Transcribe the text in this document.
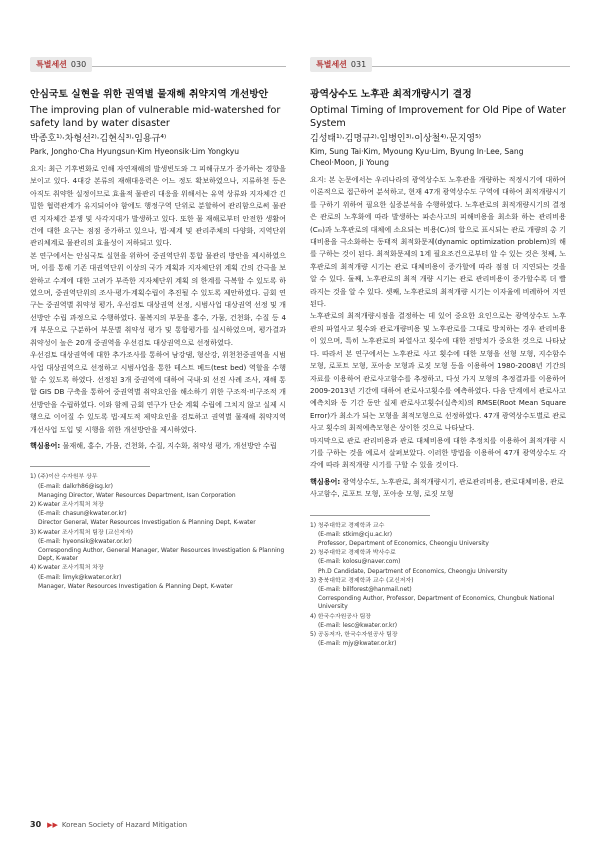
특별세션 030
안심국토 실현을 위한 권역별 물재해 취약지역 개선방안
The improving plan of vulnerable mid-watershed for safety land by water disaster
박종호¹⁾·차형선²⁾·김현식³⁾·임용규⁴⁾
Park, Jongho·Cha Hyungsun·Kim Hyeonsik·Lim Yongkyu

요지: 최근 기후변화로 인해 자연재해의 발생빈도와 그 피해규모가 증가하는 경향을 보이고 있다. 4대강 본류의 재해대응력은 어느 정도 확보하였으나, 지류하천 등은 아직도 취약한 실정이므로 효율적 물관리 대응을 위해서는 유역 상류와 지자체간 긴밀한 협력관계가 유지되어야 함에도 행정구역 단위로 분할하여 관리함으로써 물관련 지자체간 분쟁 및 사각지대가 발생하고 있다. 또한 물 재해로부터 안전한 생활여건에 대한 요구는 점점 증가하고 있으나, 법·제계 및 관리주체의 다양화, 지역단위 관리체계로 물관리의 효율성이 저하되고 있다.

본 연구에서는 안심국토 실현을 위하여 중권역단위 통합 물관리 방안을 제시하였으며, 이를 통해 기존 대권역단위 이상의 국가 계획과 지자체단위 계획 간의 간극을 보완하고 수계에 대한 고려가 부족한 지자체단위 계획 의 한계를 극복할 수 있도록 하였으며, 중권역단위의 조사·평가·계획수립이 추진될 수 있도록 제안하였다. 금회 연구는 중권역별 취약성 평가, 우선검토 대상권역 선정, 시범사업 대상권역 선정 및 개선방안 수립 과정으로 수행하였다. 물복지의 부문을 홍수, 가뭄, 건천화, 수질 등 4개 부문으로 구분하여 부문별 취약성 평가 및 통합평가를 실시하였으며, 평가결과 취약성이 높은 20개 중권역을 우선검토 대상권역으로 선정하였다.

우선검토 대상권역에 대한 추가조사를 통하여 남강댐, 형산강, 위천천중권역을 시범사업 대상권역으로 선정하고 시범사업을 통한 테스트 베드(test bed) 역할을 수행할 수 있도록 하였다. 선정된 3개 중권역에 대하여 국내·외 선진 사례 조사, 재해 통합 GIS DB 구축을 통하여 중권역별 취약요인을 해소하기 위한 구조적·비구조적 개선방안을 수립하였다. 이와 함께 금회 연구가 단순 계획 수립에 그치지 않고 실제 시행으로 이어질 수 있도록 법·제도적 제약요인을 검토하고 권역별 물재해 취약지역 개선사업 도입 및 시행을 위한 개선방안을 제시하였다.

핵심용어: 물재해, 홍수, 가뭄, 건천화, 수질, 지수화, 취약성 평가, 개선방안 수립
1) (주)이산 수자원부 상무
(E-mail: dalkrh86@isg.kr)
Managing Director, Water Resources Department, Isan Corporation
2) K-water 조사기획처 처장
(E-mail: chasun@kwater.or.kr)
Director General, Water Resources Investigation & Planning Dept, K-water
3) K-water 조사기획처 팀장 (교신저자)
(E-mail: hyeonsik@kwater.or.kr)
Corresponding Author, General Manager, Water Resources Investigation & Planning Dept, K-water
4) K-water 조사기획처 차장
(E-mail: limyk@kwater.or.kr)
Manager, Water Resources Investigation & Planning Dept, K-water
특별세션 031
광역상수도 노후관 최적개량시기 결정
Optimal Timing of Improvement for Old Pipe of Water System
김성태¹⁾·김명규²⁾·임병인³⁾·이상철⁴⁾·문지영⁵⁾
Kim, Sung Tai·Kim, Myoung Kyu·Lim, Byung In·Lee, Sang Cheol·Moon, Ji Young

요지: 본 논문에서는 우리나라의 광역상수도 노후관을 개량하는 적정시기에 대하여 이론적으로 접근하여 분석하고, 현재 47개 광역상수도 구역에 대하여 최적개량시기를 구하기 위하여 필요한 실증분석을 수행하였다. 노후관로의 최적개량시기의 결정은 관로의 노후화에 따라 발생하는 파손사고의 피해비용을 최소화 하는 관리비용(Cₘ)과 노후관로의 대체에 소요되는 비용(Cᵣ)의 합으로 표시되는 관로 개량의 총 기대비용을 극소화하는 동태적 최적화문제(dynamic optimization problem)의 해를 구하는 것이 된다. 최적화문제의 1계 필요조건으로부터 알 수 있는 것은 첫째, 노후관로의 최적개량 시기는 관로 대체비용이 증가할에 따라 점점 더 지연되는 것을 알 수 있다. 둘째, 노후관로의 최적 개량 시기는 관로 관리비용이 증가할수록 더 빨라지는 것을 알 수 있다. 셋째, 노후관로의 최적개량 시기는 이자율에 비례하여 지연된다.

노후관로의 최적개량시점을 결정하는 데 있어 중요한 요인으로는 광역상수도 노후관의 파열사고 횟수와 관로개량비용 및 노후관로를 그대로 방치하는 경우 관리비용이 있으며, 특히 노후관로의 파열사고 횟수에 대한 전망치가 중요한 것으로 나타났다. 따라서 본 연구에서는 노후관로 사고 횟수에 대한 모형을 선형 모형, 지수함수 모형, 로포트 모형, 포아송 모형과 로짓 모형 등을 이용하여 1980-2008년 기간의 자료를 이용하여 관로사고함수를 추정하고, 다섯 가지 모형의 추정결과를 이용하여 2009-2013년 기간에 대하여 관로사고횟수를 예측하였다. 다음 단계에서 관로사고 예측치와 동 기간 동안 실제 관로사고횟수(실측치)의 RMSE(Root Mean Square Error)가 최소가 되는 모형을 최적모형으로 선정하였다. 47개 광역상수도별로 관로사고 횟수의 최적예측모형은 상이한 것으로 나타났다.

마지막으로 관로 관리비용과 관로 대체비용에 대한 추정치를 이용하여 최적개량 시기를 구하는 것을 예로서 살펴보았다. 이러한 방법을 이용하여 47개 광역상수도 각각에 따라 최적개량 시기를 구할 수 있을 것이다.

핵심용어: 광역상수도, 노후관로, 최적개량시기, 관로관리비용, 관로대체비용, 관로사고함수, 로포트 모형, 포아송 모형, 로짓 모형
1) 청주대학교 경제학과 교수
(E-mail: stkim@cju.ac.kr)
Professor, Department of Economics, Cheongju University
2) 청주대학교 경제학과 박사수료
(E-mail: kolosu@naver.com)
Ph.D Candidate, Department of Economics, Cheongju University
3) 충북대학교 경제학과 교수 (교신저자)
(E-mail: billforest@hanmail.net)
Corresponding Author, Professor, Department of Economics, Chungbuk National University
4) 한국수자원공사 팀장
(E-mail: lesc@kwater.or.kr)
5) 공동저자, 한국수자원공사 팀장
(E-mail: mjy@kwater.or.kr)
30 ▶▶ Korean Society of Hazard Mitigation
